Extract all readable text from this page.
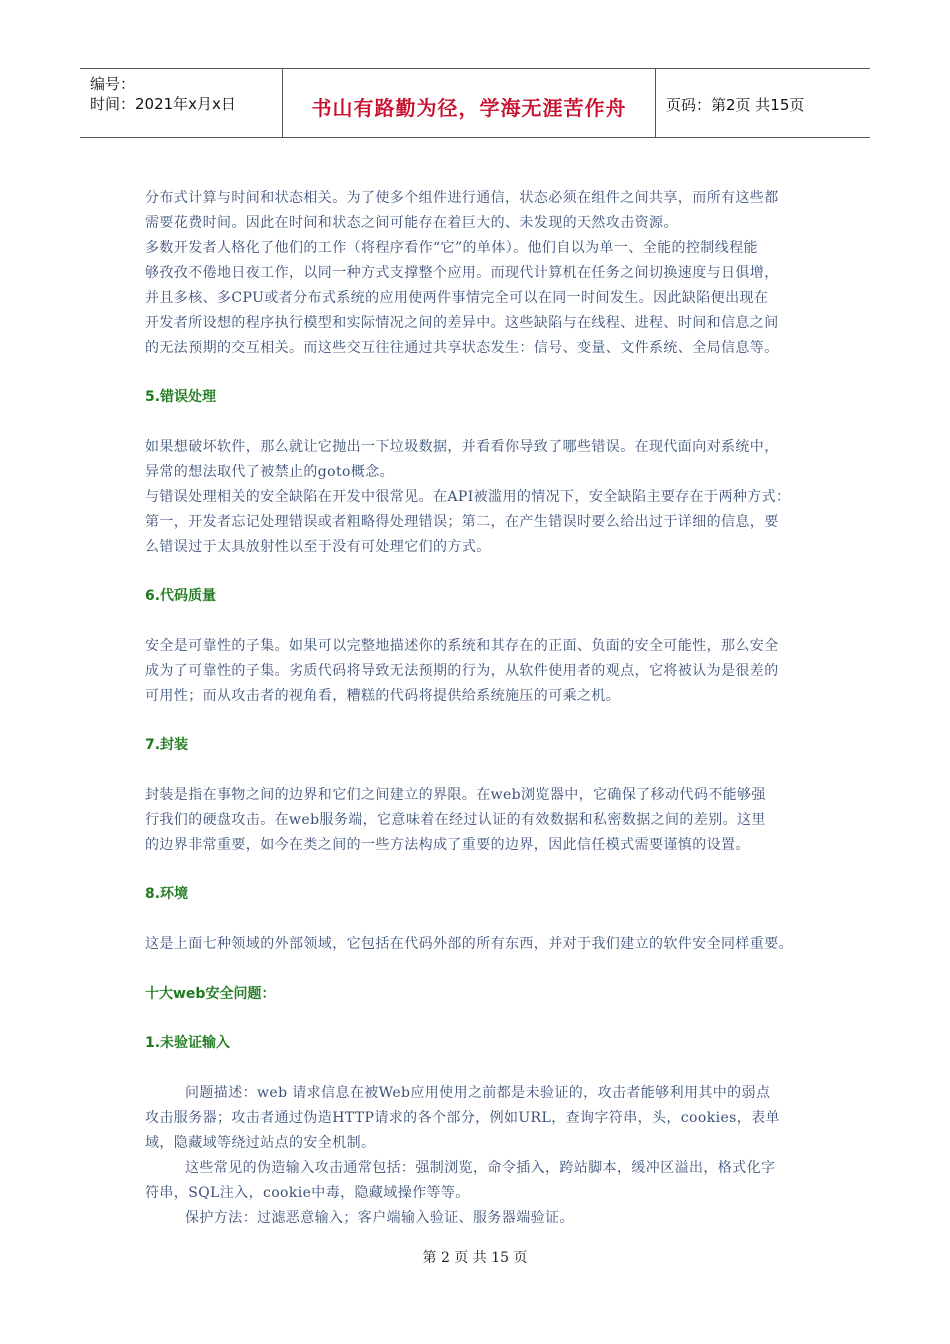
编号：
时间：2021年x月x日	书山有路勤为径，学海无涯苦作舟	页码：第2页 共15页
分布式计算与时间和状态相关。为了使多个组件进行通信，状态必须在组件之间共享，而所有这些都
需要花费时间。因此在时间和状态之间可能存在着巨大的、未发现的天然攻击资源。
多数开发者人格化了他们的工作（将程序看作“它”的单体）。他们自以为单一、全能的控制线程能
够孜孜不倦地日夜工作，以同一种方式支撑整个应用。而现代计算机在任务之间切换速度与日俱增，
并且多核、多CPU或者分布式系统的应用使两件事情完全可以在同一时间发生。因此缺陷便出现在
开发者所设想的程序执行模型和实际情况之间的差异中。这些缺陷与在线程、进程、时间和信息之间
的无法预期的交互相关。而这些交互往往通过共享状态发生：信号、变量、文件系统、全局信息等。
5.错误处理
如果想破坏软件，那么就让它抛出一下垃圾数据，并看看你导致了哪些错误。在现代面向对系统中，
异常的想法取代了被禁止的goto概念。
与错误处理相关的安全缺陷在开发中很常见。在API被滥用的情况下，安全缺陷主要存在于两种方式：
第一，开发者忘记处理错误或者粗略得处理错误；第二，在产生错误时要么给出过于详细的信息，要
么错误过于太具放射性以至于没有可处理它们的方式。
6.代码质量
安全是可靠性的子集。如果可以完整地描述你的系统和其存在的正面、负面的安全可能性，那么安全
成为了可靠性的子集。劣质代码将导致无法预期的行为，从软件使用者的观点，它将被认为是很差的
可用性；而从攻击者的视角看，糟糕的代码将提供给系统施压的可乘之机。
7.封装
封装是指在事物之间的边界和它们之间建立的界限。在web浏览器中，它确保了移动代码不能够强
行我们的硬盘攻击。在web服务端，它意味着在经过认证的有效数据和私密数据之间的差别。这里
的边界非常重要，如今在类之间的一些方法构成了重要的边界，因此信任模式需要谨慎的设置。
8.环境
这是上面七种领域的外部领域，它包括在代码外部的所有东西，并对于我们建立的软件安全同样重要。
十大web安全问题：
1.未验证输入
问题描述：web 请求信息在被Web应用使用之前都是未验证的，攻击者能够利用其中的弱点
攻击服务器；攻击者通过伪造HTTP请求的各个部分，例如URL，查询字符串，头，cookies，表单
域，隐藏域等绕过站点的安全机制。
这些常见的伪造输入攻击通常包括：强制浏览，命令插入，跨站脚本，缓冲区溢出，格式化字
符串，SQL注入，cookie中毒，隐藏域操作等等。
保护方法：过滤恶意输入；客户端输入验证、服务器端验证。
第 2 页 共 15 页
